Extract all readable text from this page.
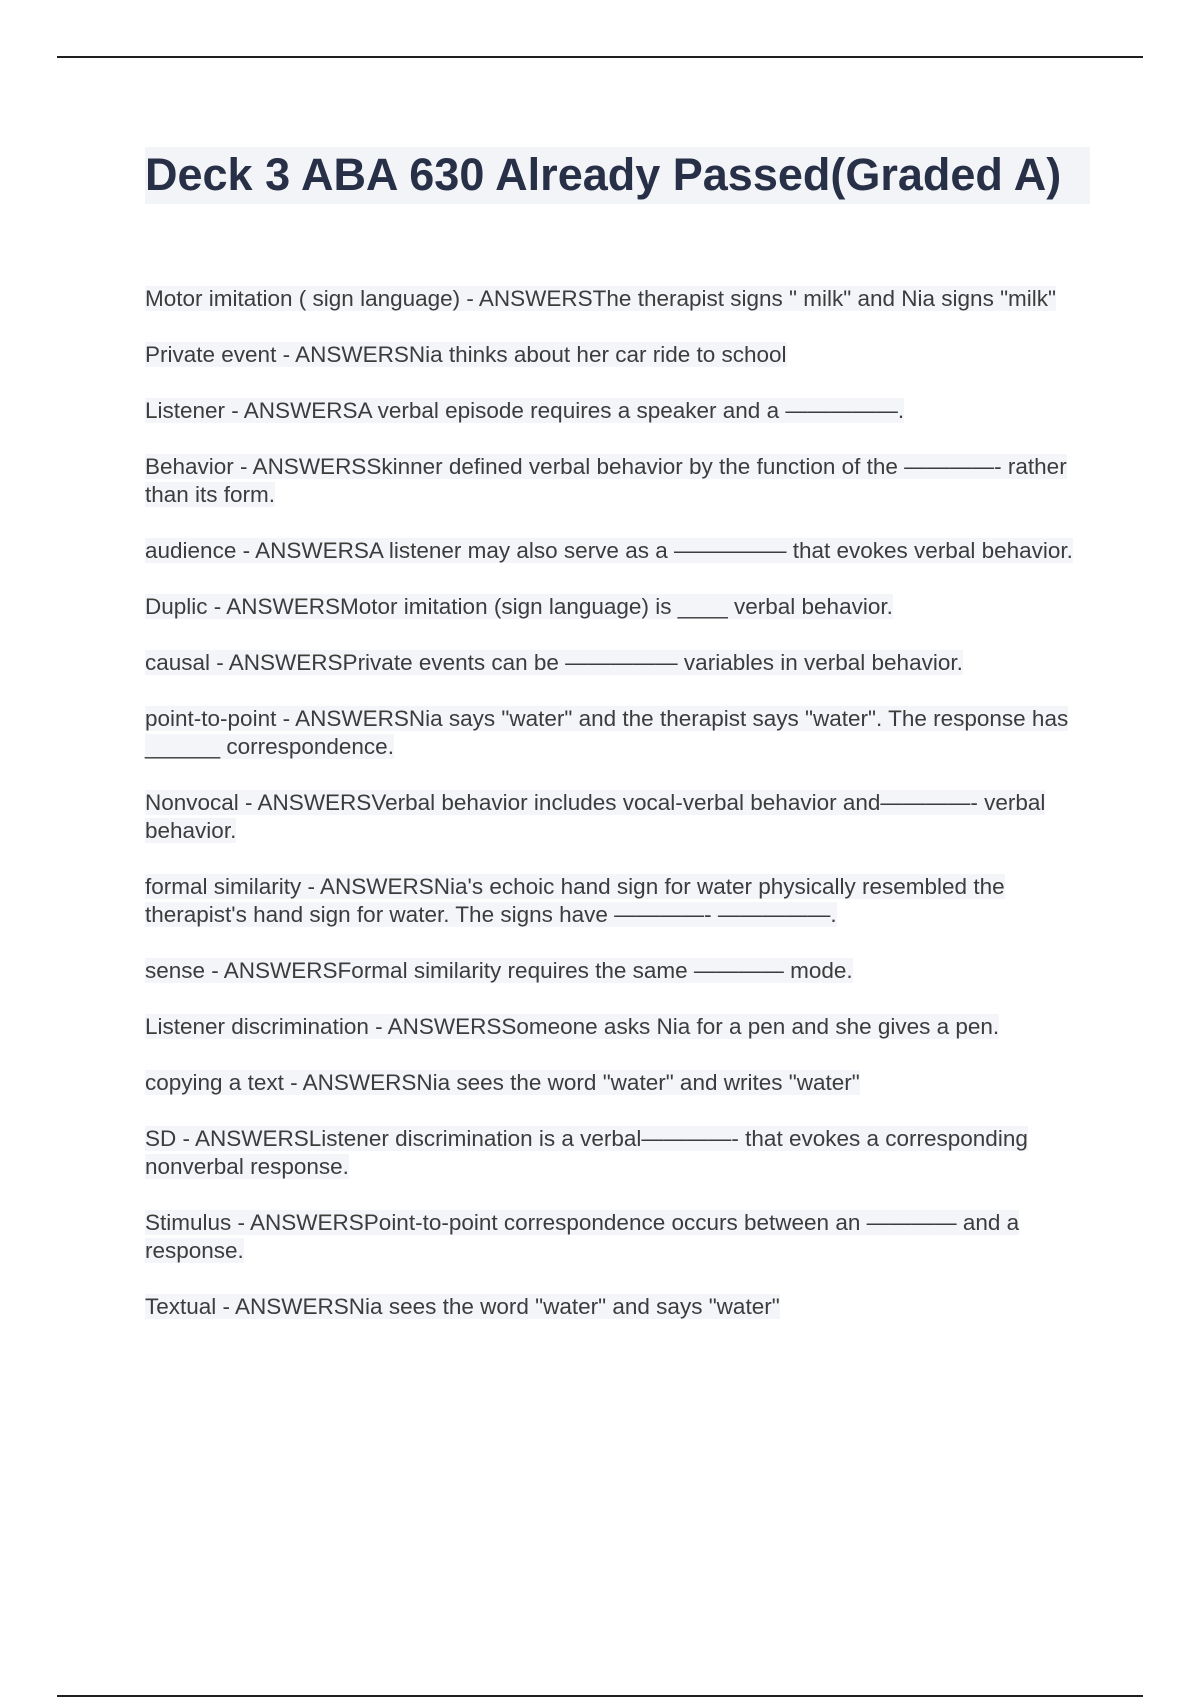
Deck 3 ABA 630 Already Passed(Graded A)

Motor imitation ( sign language) - ANSWERSThe therapist signs " milk" and Nia signs "milk"

Private event - ANSWERSNia thinks about her car ride to school

Listener - ANSWERSA verbal episode requires a speaker and a —————.

Behavior - ANSWERSSkinner defined verbal behavior by the function of the ————- rather than its form.

audience - ANSWERSA listener may also serve as a ————— that evokes verbal behavior.

Duplic - ANSWERSMotor imitation (sign language) is ____ verbal behavior.

causal - ANSWERSPrivate events can be ————— variables in verbal behavior.

point-to-point - ANSWERSNia says "water" and the therapist says "water". The response has ______ correspondence.

Nonvocal - ANSWERSVerbal behavior includes vocal-verbal behavior and————- verbal behavior.

formal similarity - ANSWERSNia's echoic hand sign for water physically resembled the therapist's hand sign for water. The signs have ————- —————.

sense - ANSWERSFormal similarity requires the same ———— mode.

Listener discrimination - ANSWERSSomeone asks Nia for a pen and she gives a pen.

copying a text - ANSWERSNia sees the word "water" and writes "water"

SD - ANSWERSListener discrimination is a verbal————- that evokes a corresponding nonverbal response.

Stimulus - ANSWERSPoint-to-point correspondence occurs between an ———— and a response.

Textual - ANSWERSNia sees the word "water" and says "water"
